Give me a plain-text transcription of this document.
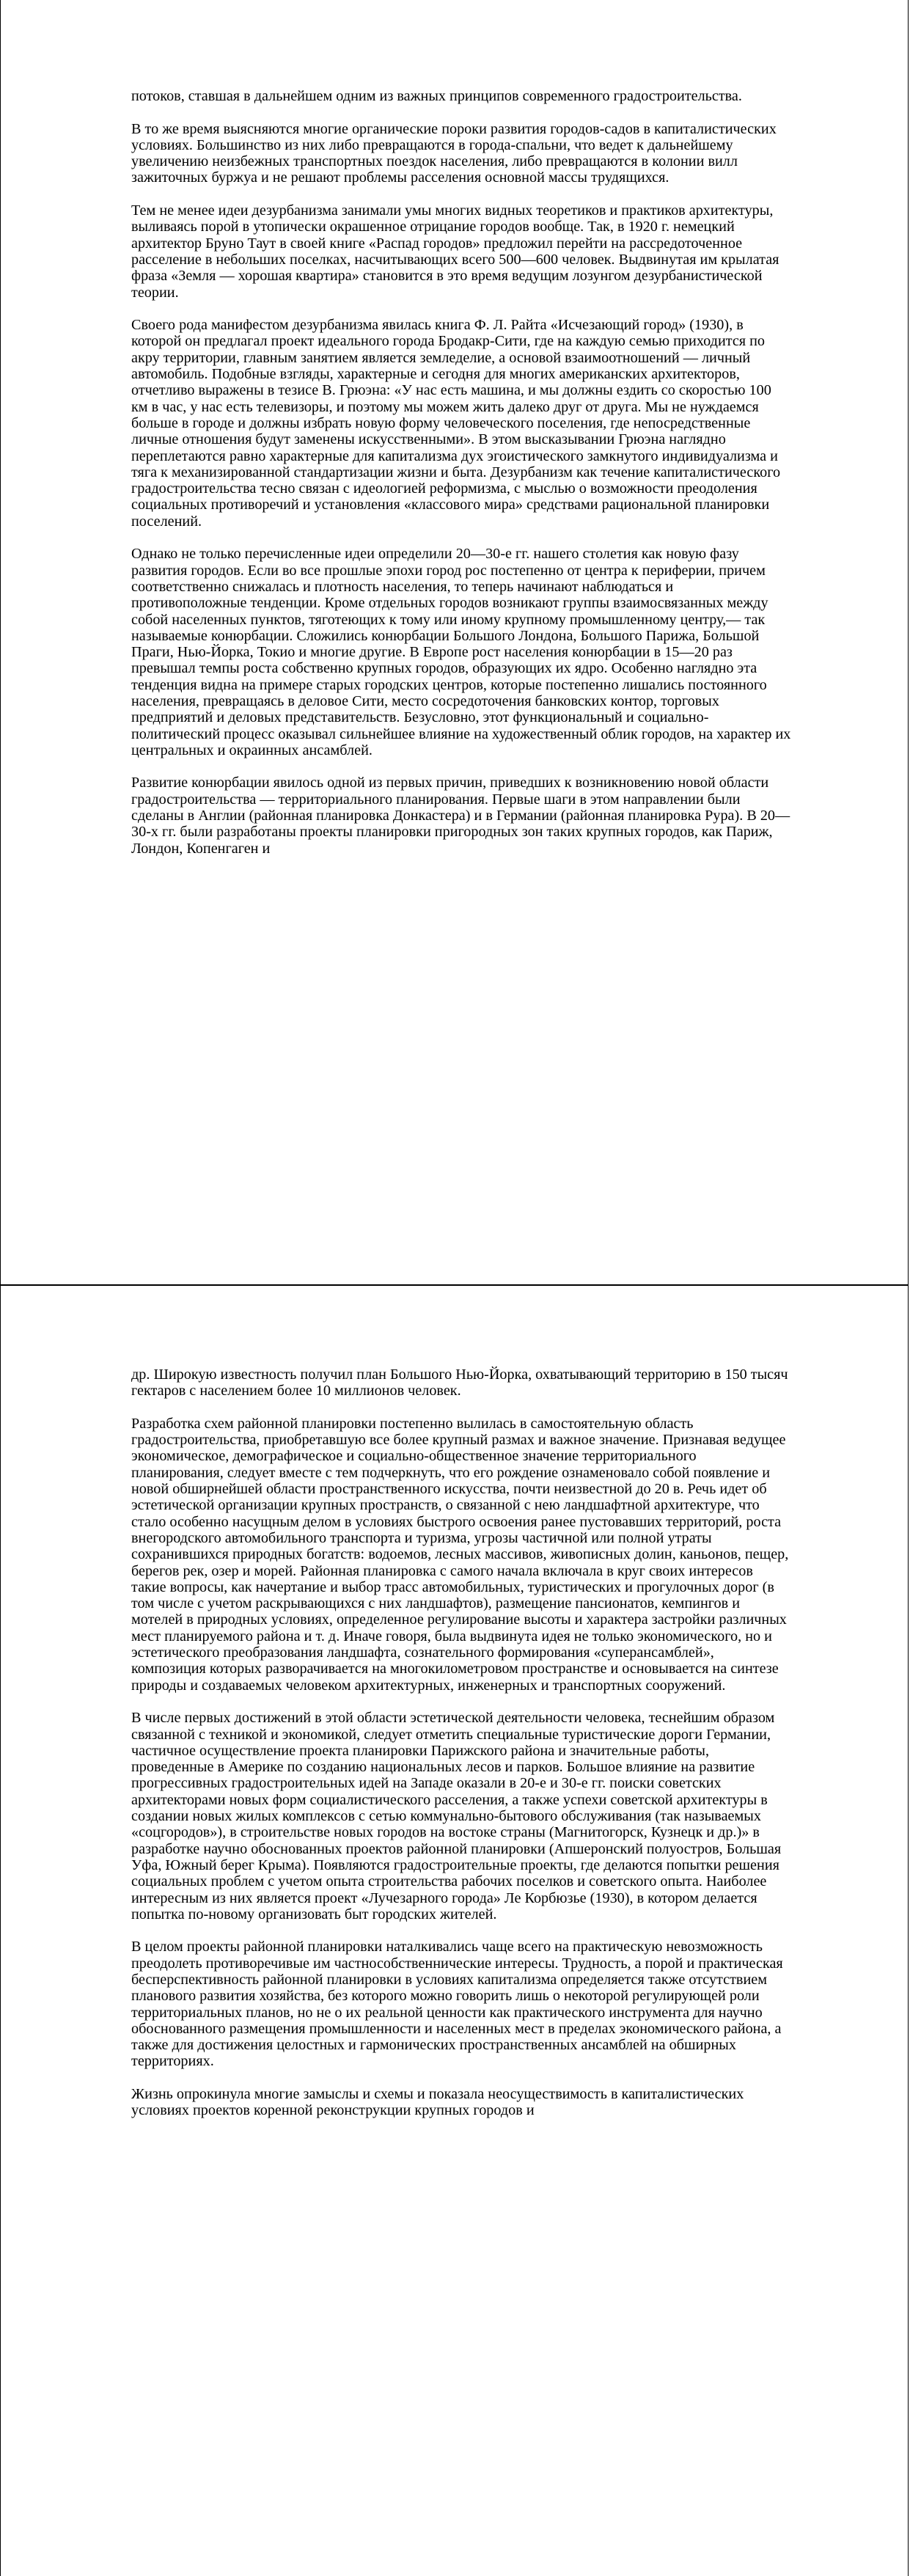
потоков, ставшая в дальнейшем одним из важных принципов современного градостроительства.

В то же время выясняются многие органические пороки развития городов-садов в капиталистических условиях. Большинство из них либо превращаются в города-спальни, что ведет к дальнейшему увеличению неизбежных транспортных поездок населения, либо превращаются в колонии вилл зажиточных буржуа и не решают проблемы расселения основной массы трудящихся.

Тем не менее идеи дезурбанизма занимали умы многих видных теоретиков и практиков архитектуры, выливаясь порой в утопически окрашенное отрицание городов вообще. Так, в 1920 г. немецкий архитектор Бруно Таут в своей книге «Распад городов» предложил перейти на рассредоточенное расселение в небольших поселках, насчитывающих всего 500—600 человек. Выдвинутая им крылатая фраза «Земля — хорошая квартира» становится в это время ведущим лозунгом дезурбанистической теории.

Своего рода манифестом дезурбанизма явилась книга Ф. Л. Райта «Исчезающий город» (1930), в которой он предлагал проект идеального города Бродакр-Сити, где на каждую семью приходится по акру территории, главным занятием является земледелие, а основой взаимоотношений — личный автомобиль. Подобные взгляды, характерные и сегодня для многих американских архитекторов, отчетливо выражены в тезисе В. Грюэна: «У нас есть машина, и мы должны ездить со скоростью 100 км в час, у нас есть телевизоры, и поэтому мы можем жить далеко друг от друга. Мы не нуждаемся больше в городе и должны избрать новую форму человеческого поселения, где непосредственные личные отношения будут заменены искусственными». В этом высказывании Грюэна наглядно переплетаются равно характерные для капитализма дух эгоистического замкнутого индивидуализма и тяга к механизированной стандартизации жизни и быта. Дезурбанизм как течение капиталистического градостроительства тесно связан с идеологией реформизма, с мыслью о возможности преодоления социальных противоречий и установления «классового мира» средствами рациональной планировки поселений.

Однако не только перечисленные идеи определили 20—30-е гг. нашего столетия как новую фазу развития городов. Если во все прошлые эпохи город рос постепенно от центра к периферии, причем соответственно снижалась и плотность населения, то теперь начинают наблюдаться и противоположные тенденции. Кроме отдельных городов возникают группы взаимосвязанных между собой населенных пунктов, тяготеющих к тому или иному крупному промышленному центру,— так называемые конюрбации. Сложились конюрбации Большого Лондона, Большого Парижа, Большой Праги, Нью-Йорка, Токио и многие другие. В Европе рост населения конюрбации в 15—20 раз превышал темпы роста собственно крупных городов, образующих их ядро. Особенно наглядно эта тенденция видна на примере старых городских центров, которые постепенно лишались постоянного населения, превращаясь в деловое Сити, место сосредоточения банковских контор, торговых предприятий и деловых представительств. Безусловно, этот функциональный и социально-политический процесс оказывал сильнейшее влияние на художественный облик городов, на характер их центральных и окраинных ансамблей.

Развитие конюрбации явилось одной из первых причин, приведших к возникновению новой области градостроительства — территориального планирования. Первые шаги в этом направлении были сделаны в Англии (районная планировка Донкастера) и в Германии (районная планировка Рура). В 20—30-х гг. были разработаны проекты планировки пригородных зон таких крупных городов, как Париж, Лондон, Копенгаген и

др. Широкую известность получил план Большого Нью-Йорка, охватывающий территорию в 150 тысяч гектаров с населением более 10 миллионов человек.

Разработка схем районной планировки постепенно вылилась в самостоятельную область градостроительства, приобретавшую все более крупный размах и важное значение. Признавая ведущее экономическое, демографическое и социально-общественное значение территориального планирования, следует вместе с тем подчеркнуть, что его рождение ознаменовало собой появление и новой обширнейшей области пространственного искусства, почти неизвестной до 20 в. Речь идет об эстетической организации крупных пространств, о связанной с нею ландшафтной архитектуре, что стало особенно насущным делом в условиях быстрого освоения ранее пустовавших территорий, роста внегородского автомобильного транспорта и туризма, угрозы частичной или полной утраты сохранившихся природных богатств: водоемов, лесных массивов, живописных долин, каньонов, пещер, берегов рек, озер и морей. Районная планировка с самого начала включала в круг своих интересов такие вопросы, как начертание и выбор трасс автомобильных, туристических и прогулочных дорог (в том числе с учетом раскрывающихся с них ландшафтов), размещение пансионатов, кемпингов и мотелей в природных условиях, определенное регулирование высоты и характера застройки различных мест планируемого района и т. д. Иначе говоря, была выдвинута идея не только экономического, но и эстетического преобразования ландшафта, сознательного формирования «суперансамблей», композиция которых разворачивается на многокилометровом пространстве и основывается на синтезе природы и создаваемых человеком архитектурных, инженерных и транспортных сооружений.

В числе первых достижений в этой области эстетической деятельности человека, теснейшим образом связанной с техникой и экономикой, следует отметить специальные туристические дороги Германии, частичное осуществление проекта планировки Парижского района и значительные работы, проведенные в Америке по созданию национальных лесов и парков. Большое влияние на развитие прогрессивных градостроительных идей на Западе оказали в 20-е и 30-е гг. поиски советских архитекторами новых форм социалистического расселения, а также успехи советской архитектуры в создании новых жилых комплексов с сетью коммунально-бытового обслуживания (так называемых «соцгородов»), в строительстве новых городов на востоке страны (Магнитогорск, Кузнецк и др.)» в разработке научно обоснованных проектов районной планировки (Апшеронский полуостров, Большая Уфа, Южный берег Крыма). Появляются градостроительные проекты, где делаются попытки решения социальных проблем с учетом опыта строительства рабочих поселков и советского опыта. Наиболее интересным из них является проект «Лучезарного города» Ле Корбюзье (1930), в котором делается попытка по-новому организовать быт городских жителей.

В целом проекты районной планировки наталкивались чаще всего на практическую невозможность преодолеть противоречивые им частнособственнические интересы. Трудность, а порой и практическая бесперспективность районной планировки в условиях капитализма определяется также отсутствием планового развития хозяйства, без которого можно говорить лишь о некоторой регулирующей роли территориальных планов, но не о их реальной ценности как практического инструмента для научно обоснованного размещения промышленности и населенных мест в пределах экономического района, а также для достижения целостных и гармонических пространственных ансамблей на обширных территориях.

Жизнь опрокинула многие замыслы и схемы и показала неосуществимость в капиталистических условиях проектов коренной реконструкции крупных городов и
